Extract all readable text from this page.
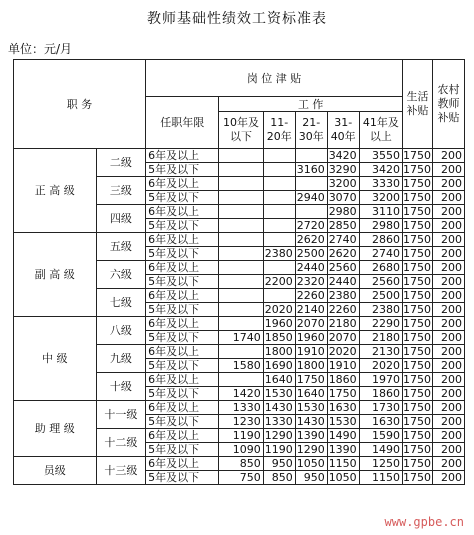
教师基础性绩效工资标准表
单位：元/月
职 务		岗 位 津 贴						生活补贴	农村教师补贴
		任职年限	工 作						
			10年及以下	11-20年	21-30年	31-40年	41年及以上		
正 高 级	二级	6年及以上				3420	3550	1750	200
		5年及以下			3160	3290	3420	1750	200
	三级	6年及以上				3200	3330	1750	200
		5年及以下			2940	3070	3200	1750	200
	四级	6年及以上				2980	3110	1750	200
		5年及以下			2720	2850	2980	1750	200
副 高 级	五级	6年及以上			2620	2740	2860	1750	200
		5年及以下		2380	2500	2620	2740	1750	200
	六级	6年及以上			2440	2560	2680	1750	200
		5年及以下		2200	2320	2440	2560	1750	200
	七级	6年及以上			2260	2380	2500	1750	200
		5年及以下		2020	2140	2260	2380	1750	200
中 级	八级	6年及以上		1960	2070	2180	2290	1750	200
		5年及以下	1740	1850	1960	2070	2180	1750	200
	九级	6年及以上		1800	1910	2020	2130	1750	200
		5年及以下	1580	1690	1800	1910	2020	1750	200
	十级	6年及以上		1640	1750	1860	1970	1750	200
		5年及以下	1420	1530	1640	1750	1860	1750	200
助 理 级	十一级	6年及以上	1330	1430	1530	1630	1730	1750	200
		5年及以下	1230	1330	1430	1530	1630	1750	200
	十二级	6年及以上	1190	1290	1390	1490	1590	1750	200
		5年及以下	1090	1190	1290	1390	1490	1750	200
员级	十三级	6年及以上	850	950	1050	1150	1250	1750	200
		5年及以下	750	850	950	1050	1150	1750	200
www.gpbe.cn
